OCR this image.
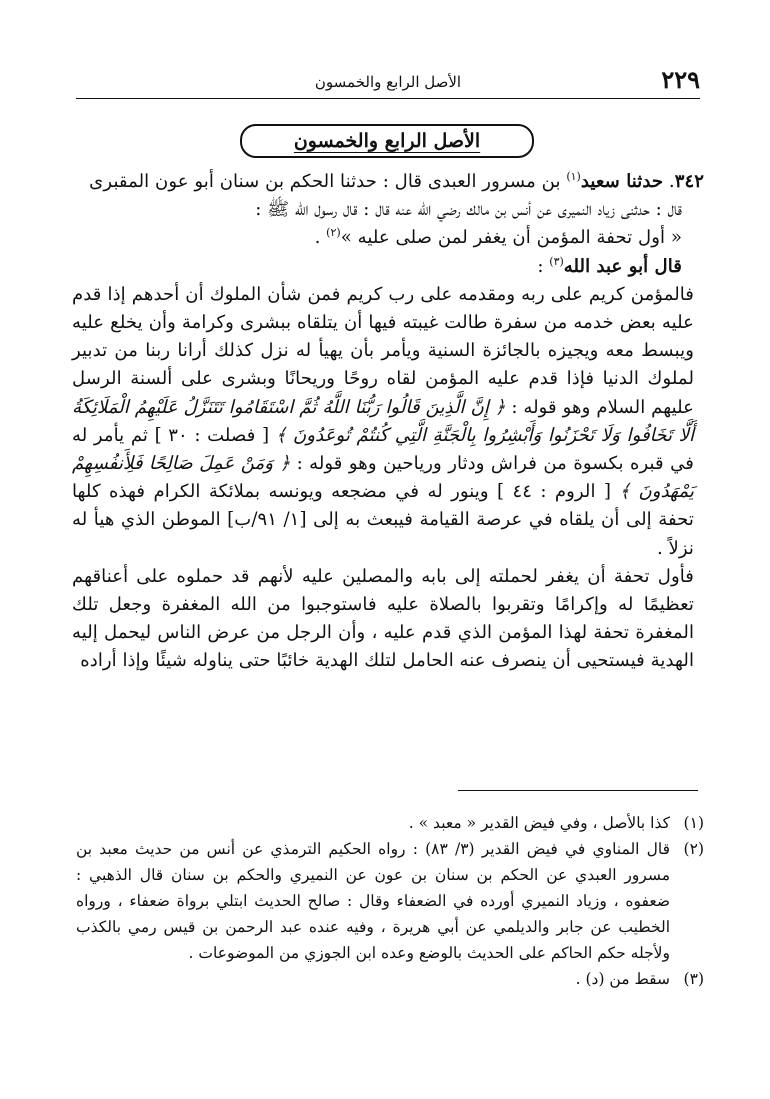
٢٢٩
الأصل الرابع والخمسون
الأصل الرابع والخمسون

٣٤٢. حدثنا سعيد$^{(١)}$ بن مسرور العبدى قال : حدثنا الحكم بن سنان أبو عون المقبرى

قال : حدثنى زياد النميرى عن أنس بن مالك رضي الله عنه قال : قال رسول الله ﷺ :

« أول تحفة المؤمن أن يغفر لمن صلى عليه »$^{(٢)}$ .

قال أبو عبد الله$^{(٣)}$ :

فالمؤمن كريم على ربه ومقدمه على رب كريم فمن شأن الملوك أن أحدهم إذا قدم عليه بعض خدمه من سفرة طالت غيبته فيها أن يتلقاه ببشرى وكرامة وأن يخلع عليه ويبسط معه ويجيزه بالجائزة السنية ويأمر بأن يهيأ له نزل كذلك أرانا ربنا من تدبير لملوك الدنيا فإذا قدم عليه المؤمن لقاه روحًا وريحانًا وبشرى على ألسنة الرسل عليهم السلام وهو قوله : ﴿ إِنَّ الَّذِينَ قَالُوا رَبُّنَا اللَّهُ ثُمَّ اسْتَقَامُوا تَتَنَزَّلُ عَلَيْهِمُ الْمَلَائِكَةُ أَلَّا تَخَافُوا وَلَا تَحْزَنُوا وَأَبْشِرُوا بِالْجَنَّةِ الَّتِي كُنتُمْ تُوعَدُونَ ﴾ [ فصلت : ٣٠ ] ثم يأمر له في قبره بكسوة من فراش ودثار ورياحين وهو قوله : ﴿ وَمَنْ عَمِلَ صَالِحًا فَلِأَنفُسِهِمْ يَمْهَدُونَ ﴾ [ الروم : ٤٤ ] وينور له في مضجعه ويونسه بملائكة الكرام فهذه كلها تحفة إلى أن يلقاه في عرصة القيامة فيبعث به إلى [١/ ٩١/ب] الموطن الذي هيأ له نزلاً .

فأول تحفة أن يغفر لحملته إلى بابه والمصلين عليه لأنهم قد حملوه على أعناقهم تعظيمًا له وإكرامًا وتقربوا بالصلاة عليه فاستوجبوا من الله المغفرة وجعل تلك المغفرة تحفة لهذا المؤمن الذي قدم عليه ، وأن الرجل من عرض الناس ليحمل إليه الهدية فيستحيى أن ينصرف عنه الحامل لتلك الهدية خائبًا حتى يناوله شيئًا وإذا أراده

(١)
كذا بالأصل ، وفي فيض القدير « معبد » .
(٢)
قال المناوي في فيض القدير (٣/ ٨٣) : رواه الحكيم الترمذي عن أنس من حديث معبد بن مسرور العبدي عن الحكم بن سنان بن عون عن النميري والحكم بن سنان قال الذهبي : ضعفوه ، وزياد النميري أورده في الضعفاء وقال : صالح الحديث ابتلي برواة ضعفاء ، ورواه الخطيب عن جابر والديلمي عن أبي هريرة ، وفيه عنده عبد الرحمن بن قيس رمي بالكذب ولأجله حكم الحاكم على الحديث بالوضع وعده ابن الجوزي من الموضوعات .
(٣)
سقط من (د) .
